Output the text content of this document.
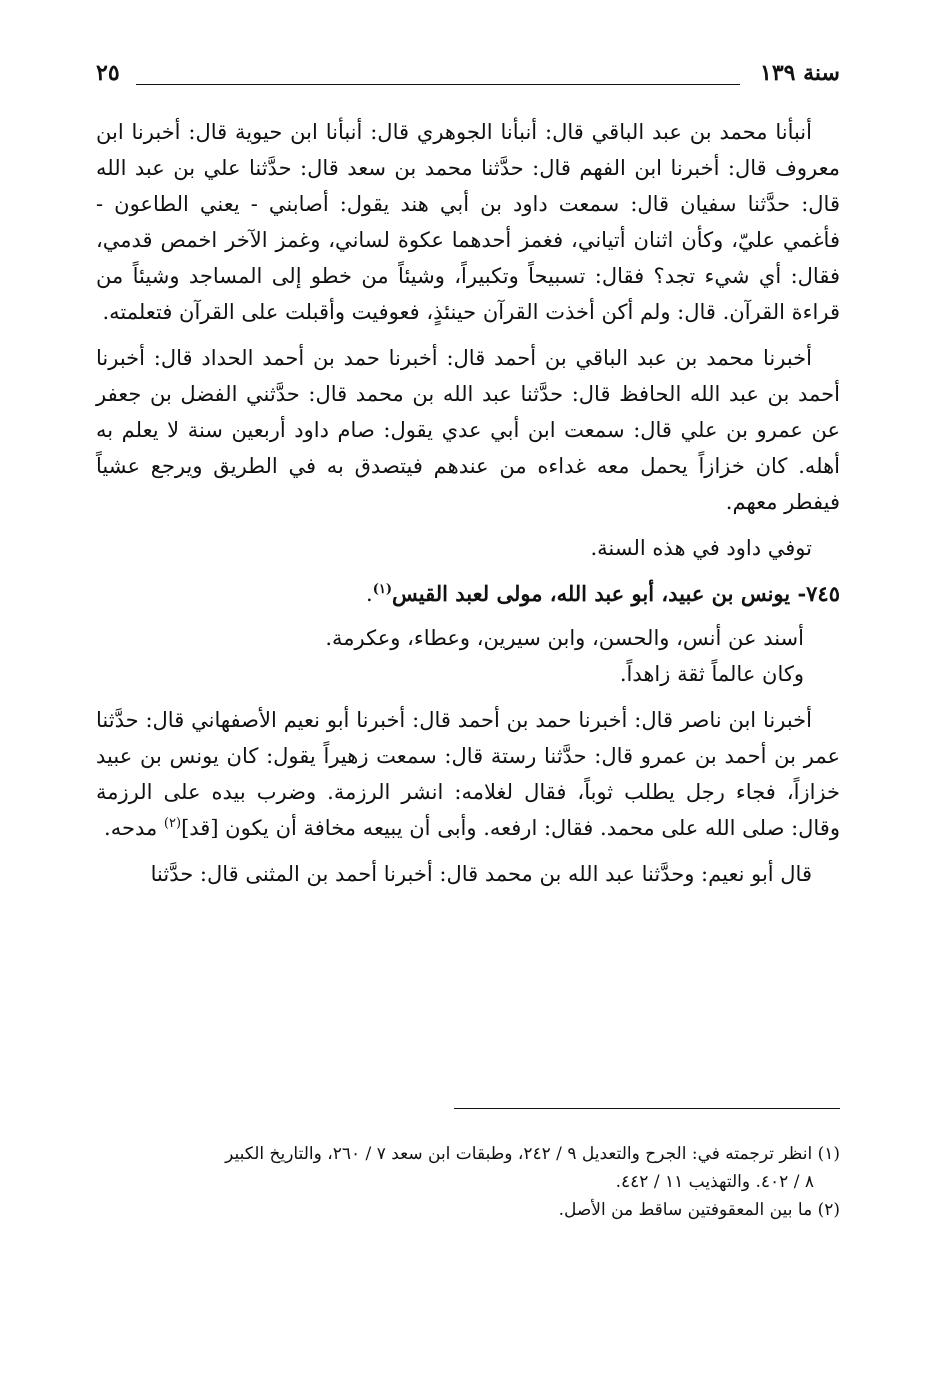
سنة ١٣٩
٢٥

أنبأنا محمد بن عبد الباقي قال: أنبأنا الجوهري قال: أنبأنا ابن حيوية قال: أخبرنا ابن معروف قال: أخبرنا ابن الفهم قال: حدَّثنا محمد بن سعد قال: حدَّثنا علي بن عبد الله قال: حدَّثنا سفيان قال: سمعت داود بن أبي هند يقول: أصابني - يعني الطاعون - فأغمي عليّ، وكأن اثنان أتياني، فغمز أحدهما عكوة لساني، وغمز الآخر اخمص قدمي، فقال: أي شيء تجد؟ فقال: تسبيحاً وتكبيراً، وشيئاً من خطو إلى المساجد وشيئاً من قراءة القرآن. قال: ولم أكن أخذت القرآن حينئذٍ، فعوفيت وأقبلت على القرآن فتعلمته.

أخبرنا محمد بن عبد الباقي بن أحمد قال: أخبرنا حمد بن أحمد الحداد قال: أخبرنا أحمد بن عبد الله الحافظ قال: حدَّثنا عبد الله بن محمد قال: حدَّثني الفضل بن جعفر عن عمرو بن علي قال: سمعت ابن أبي عدي يقول: صام داود أربعين سنة لا يعلم به أهله. كان خزازاً يحمل معه غداءه من عندهم فيتصدق به في الطريق ويرجع عشياً فيفطر معهم.

توفي داود في هذه السنة.

٧٤٥- يونس بن عبيد، أبو عبد الله، مولى لعبد القيس$^{(١)}$.

أسند عن أنس، والحسن، وابن سيرين، وعطاء، وعكرمة.

وكان عالماً ثقة زاهداً.

أخبرنا ابن ناصر قال: أخبرنا حمد بن أحمد قال: أخبرنا أبو نعيم الأصفهاني قال: حدَّثنا عمر بن أحمد بن عمرو قال: حدَّثنا رستة قال: سمعت زهيراً يقول: كان يونس بن عبيد خزازاً، فجاء رجل يطلب ثوباً، فقال لغلامه: انشر الرزمة. وضرب بيده على الرزمة وقال: صلى الله على محمد. فقال: ارفعه. وأبى أن يبيعه مخافة أن يكون [قد]$^{(٢)}$ مدحه.

قال أبو نعيم: وحدَّثنا عبد الله بن محمد قال: أخبرنا أحمد بن المثنى قال: حدَّثنا

(١) انظر ترجمته في: الجرح والتعديل ٩ / ٢٤٢، وطبقات ابن سعد ٧ / ٢٦٠، والتاريخ الكبير

٨ / ٤٠٢. والتهذيب ١١ / ٤٤٢.

(٢) ما بين المعقوفتين ساقط من الأصل.
